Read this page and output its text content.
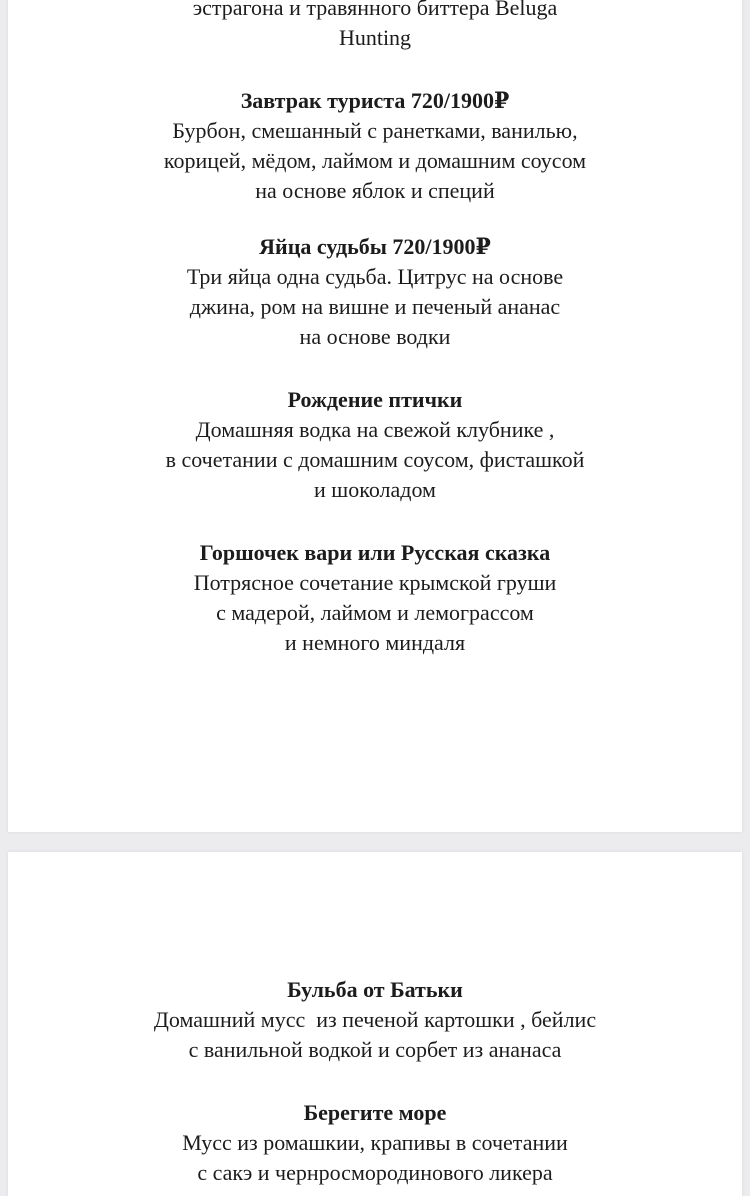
эстрагона и травянного биттера Beluga

Hunting

Завтрак туриста 720/1900₽

Бурбон, смешанный с ранетками, ванилью,

корицей, мёдом, лаймом и домашним соусом

на основе яблок и специй

Яйца судьбы 720/1900₽

Три яйца одна судьба. Цитрус на основе

джина, ром на вишне и печеный ананас

на основе водки

Рождение птички

Домашняя водка на свежой клубнике ,

в сочетании с домашним соусом, фисташкой

и шоколадом

Горшочек вари или Русская сказка

Потрясное сочетание крымской груши

с мадерой, лаймом и лемограссом

и немного миндаля

Бульба от Батьки

Домашний мусс  из печеной картошки , бейлис

с ванильной водкой и сорбет из ананаса

Берегите море

Мусс из ромашкии, крапивы в сочетании

с сакэ и чернросмородинового ликера
